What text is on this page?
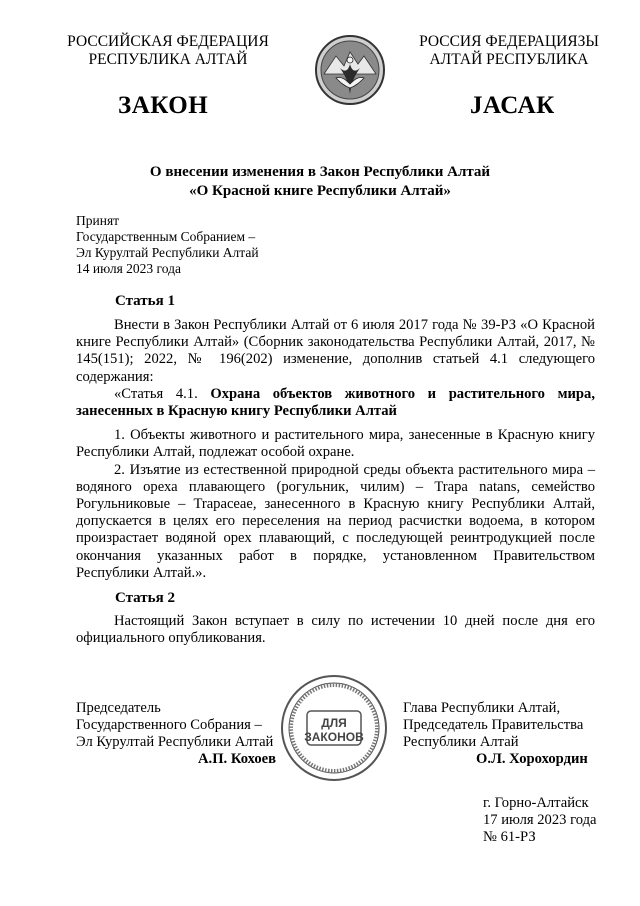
РОССИЙСКАЯ ФЕДЕРАЦИЯ
РЕСПУБЛИКА АЛТАЙ
РОССИЯ ФЕДЕРАЦИЯЗЫ
АЛТАЙ РЕСПУБЛИКА
ЗАКОН	JАСАК
О внесении изменения в Закон Республики Алтай
«О Красной книге Республики Алтай»
Принят
Государственным Собранием –
Эл Курултай Республики Алтай
14 июля 2023 года
Статья 1

Внести в Закон Республики Алтай от 6 июля 2017 года № 39-РЗ «О Красной книге Республики Алтай» (Сборник законодательства Республики Алтай, 2017, № 145(151); 2022, № 196(202) изменение, дополнив статьей 4.1 следующего содержания:

«Статья 4.1. Охрана объектов животного и растительного мира, занесенных в Красную книгу Республики Алтай

1. Объекты животного и растительного мира, занесенные в Красную книгу Республики Алтай, подлежат особой охране.

2. Изъятие из естественной природной среды объекта растительного мира – водяного ореха плавающего (рогульник, чилим) – Trapa natans, семейство Рогульниковые – Trapaceae, занесенного в Красную книгу Республики Алтай, допускается в целях его переселения на период расчистки водоема, в котором произрастает водяной орех плавающий, с последующей реинтродукцией после окончания указанных работ в порядке, установленном Правительством Республики Алтай.».

Статья 2

Настоящий Закон вступает в силу по истечении 10 дней после дня его официального опубликования.

ДЛЯ
ЗАКОНОВ
Председатель
Государственного Собрания –
Эл Курултай Республики Алтай
А.П. Кохоев
Глава Республики Алтай,
Председатель Правительства
Республики Алтай
О.Л. Хорохордин
г. Горно-Алтайск
17 июля 2023 года
№ 61-РЗ
